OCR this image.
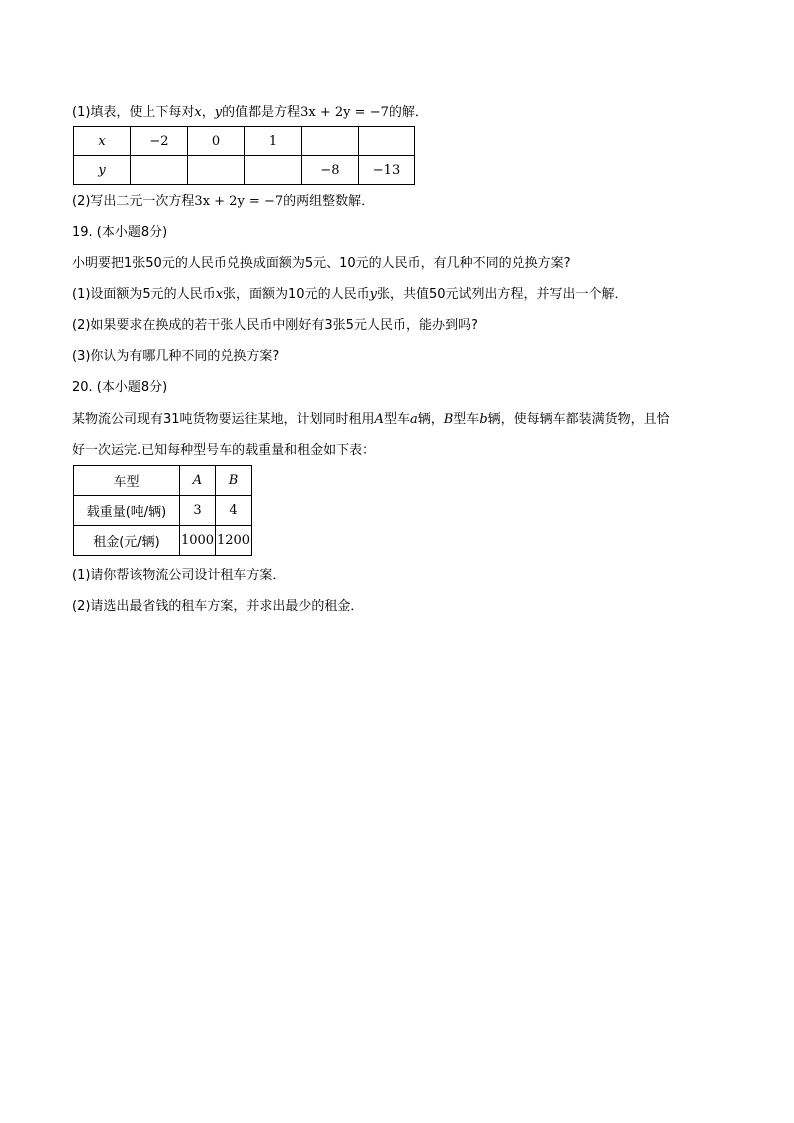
(1)填表，使上下每对x，y的值都是方程3x + 2y = −7的解．
x	−2	0	1		
y				−8	−13
(2)写出二元一次方程3x + 2y = −7的两组整数解．
19. (本小题8分)
小明要把1张50元的人民币兑换成面额为5元、10元的人民币，有几种不同的兑换方案?
(1)设面额为5元的人民币x张，面额为10元的人民币y张，共值50元试列出方程，并写出一个解．
(2)如果要求在换成的若干张人民币中刚好有3张5元人民币，能办到吗?
(3)你认为有哪几种不同的兑换方案?
20. (本小题8分)
某物流公司现有31吨货物要运往某地，计划同时租用A型车a辆，B型车b辆，使每辆车都装满货物，且恰
好一次运完.已知每种型号车的载重量和租金如下表：
车型	A	B
载重量(吨/辆)	3	4
租金(元/辆)	1000	1200
(1)请你帮该物流公司设计租车方案．
(2)请选出最省钱的租车方案，并求出最少的租金．
